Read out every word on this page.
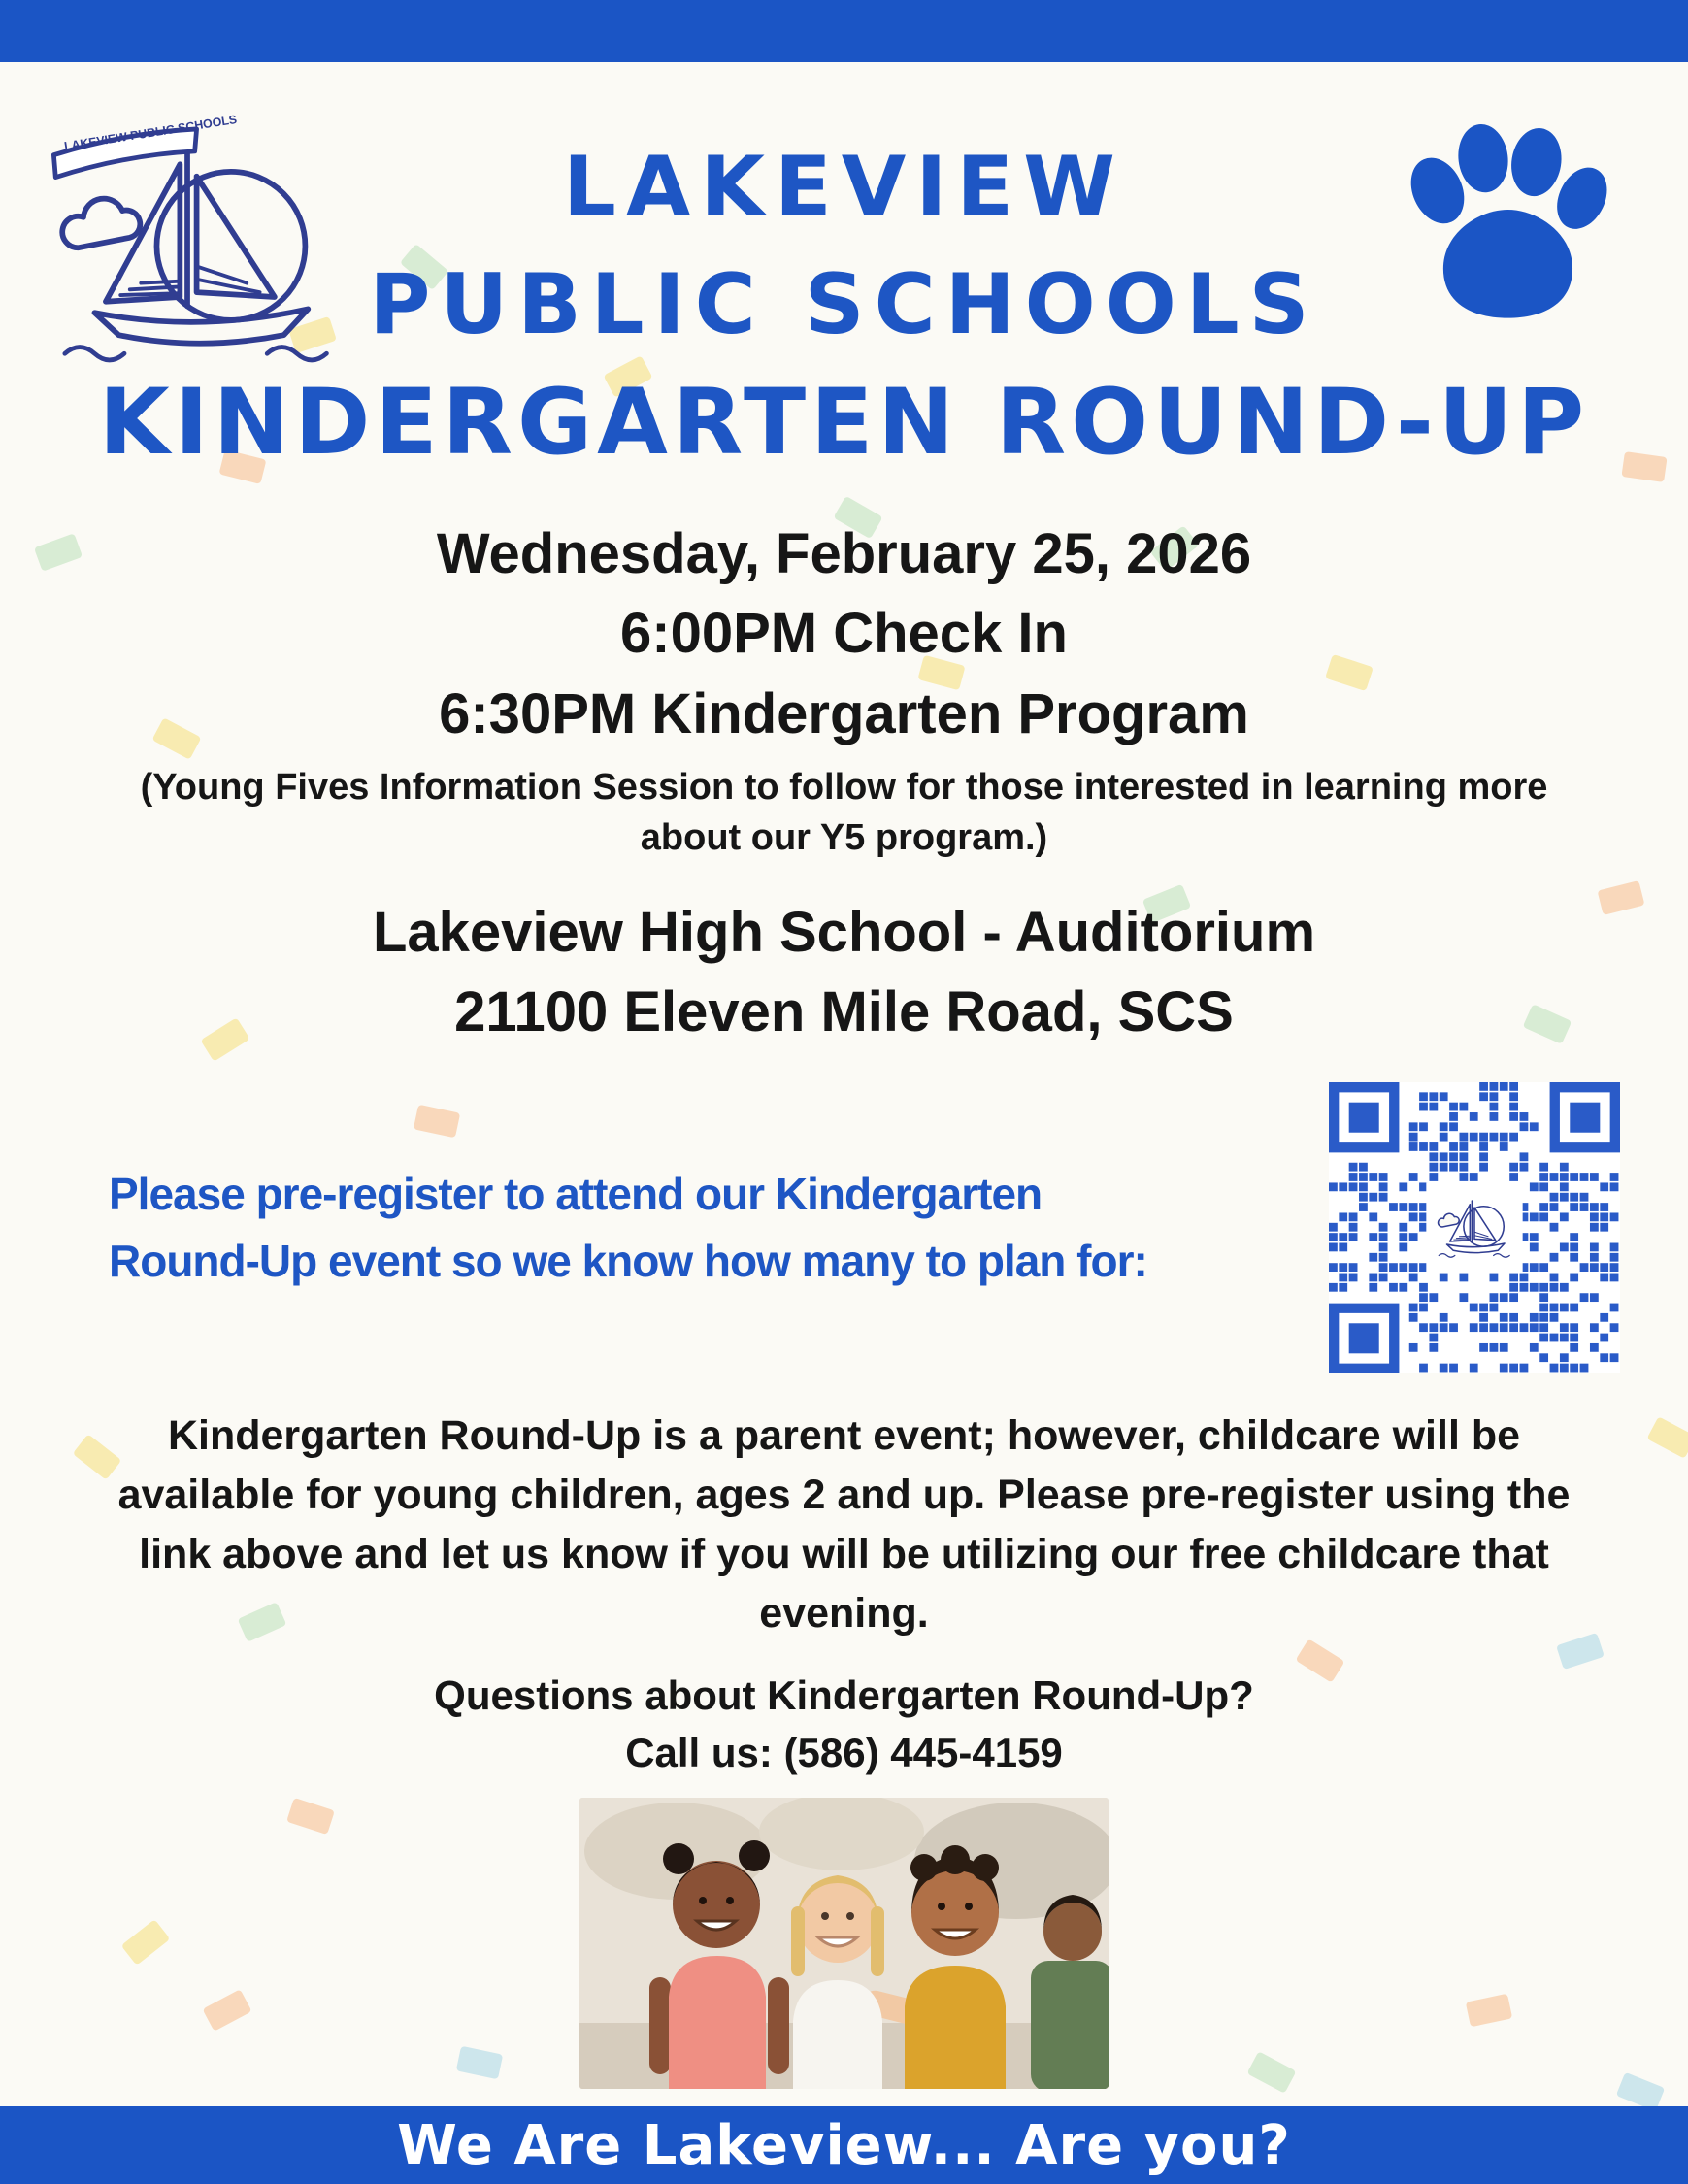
LAKEVIEW PUBLIC SCHOOLS
LAKEVIEW
PUBLIC SCHOOLS
KINDERGARTEN ROUND-UP
Wednesday, February 25, 2026
6:00PM Check In
6:30PM Kindergarten Program
(Young Fives Information Session to follow for those interested in learning more about our Y5 program.)
Lakeview High School - Auditorium
21100 Eleven Mile Road, SCS
Please pre-register to attend our Kindergarten
Round-Up event so we know how many to plan for:
Kindergarten Round-Up is a parent event; however, childcare will be available for young children, ages 2 and up. Please pre-register using the link above and let us know if you will be utilizing our free childcare that evening.
Questions about Kindergarten Round-Up?
Call us: (586) 445-4159
We Are Lakeview... Are you?
